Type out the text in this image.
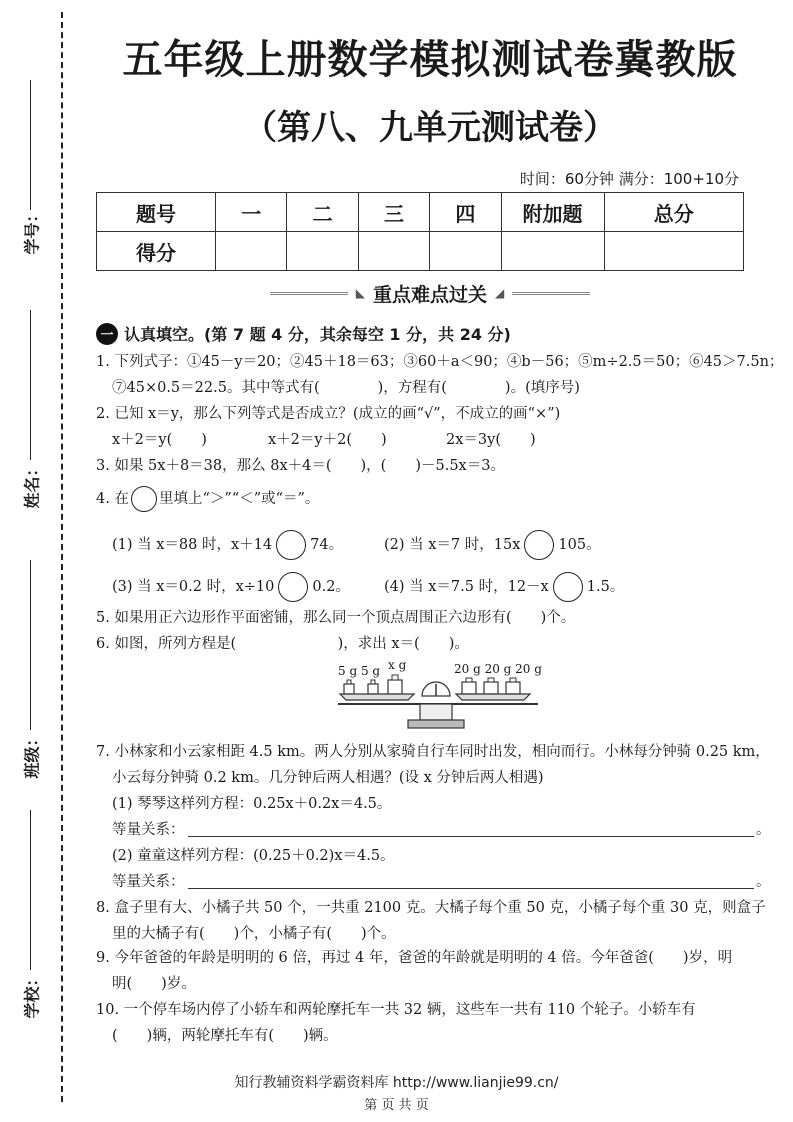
学号：
姓名：
班级：
学校：
五年级上册数学模拟测试卷冀教版
（第八、九单元测试卷）
时间：60分钟 满分：100+10分
题号	一	二	三	四	附加题	总分
得分						
◣ 重点难点过关 ◢
一 认真填空。(第 7 题 4 分，其余每空 1 分，共 24 分)
1. 下列式子：①45－y＝20；②45＋18＝63；③60＋a＜90；④b－56；⑤m÷2.5＝50；⑥45＞7.5n；
⑦45×0.5＝22.5。其中等式有(　　　　)，方程有(　　　　)。(填序号)
2. 已知 x＝y，那么下列等式是否成立？(成立的画“√”，不成立的画“×”)
x＋2＝y(　　)	x＋2＝y＋2(　　)	2x＝3y(　　)
3. 如果 5x＋8＝38，那么 8x＋4＝(　　)，(　　)－5.5x＝3。
4. 在 里填上“＞”“＜”或“＝”。
(1) 当 x＝88 时，x＋14	74。	(2) 当 x＝7 时，15x	105。
(3) 当 x＝0.2 时，x÷10	0.2。 (4) 当 x＝7.5 时，12－x	1.5。
5. 如果用正六边形作平面密铺，那么同一个顶点周围正六边形有(　　)个。
6. 如图，所列方程是(　　　　　　　)，求出 x＝(　　)。
5 g 5 g x g	20 g 20 g 20 g
7. 小林家和小云家相距 4.5 km。两人分别从家骑自行车同时出发，相向而行。小林每分钟骑 0.25 km，
小云每分钟骑 0.2 km。几分钟后两人相遇？(设 x 分钟后两人相遇)
(1) 琴琴这样列方程：0.25x＋0.2x＝4.5。
等量关系：	。
(2) 童童这样列方程：(0.25＋0.2)x＝4.5。
等量关系：	。
8. 盒子里有大、小橘子共 50 个，一共重 2100 克。大橘子每个重 50 克，小橘子每个重 30 克，则盒子
里的大橘子有(　　)个，小橘子有(　　)个。
9. 今年爸爸的年龄是明明的 6 倍，再过 4 年，爸爸的年龄就是明明的 4 倍。今年爸爸(　　)岁，明
明(　　)岁。
10. 一个停车场内停了小轿车和两轮摩托车一共 32 辆，这些车一共有 110 个轮子。小轿车有
(　　)辆，两轮摩托车有(　　)辆。
知行教辅资料学霸资料库 http://www.lianjie99.cn/
第 页 共 页
